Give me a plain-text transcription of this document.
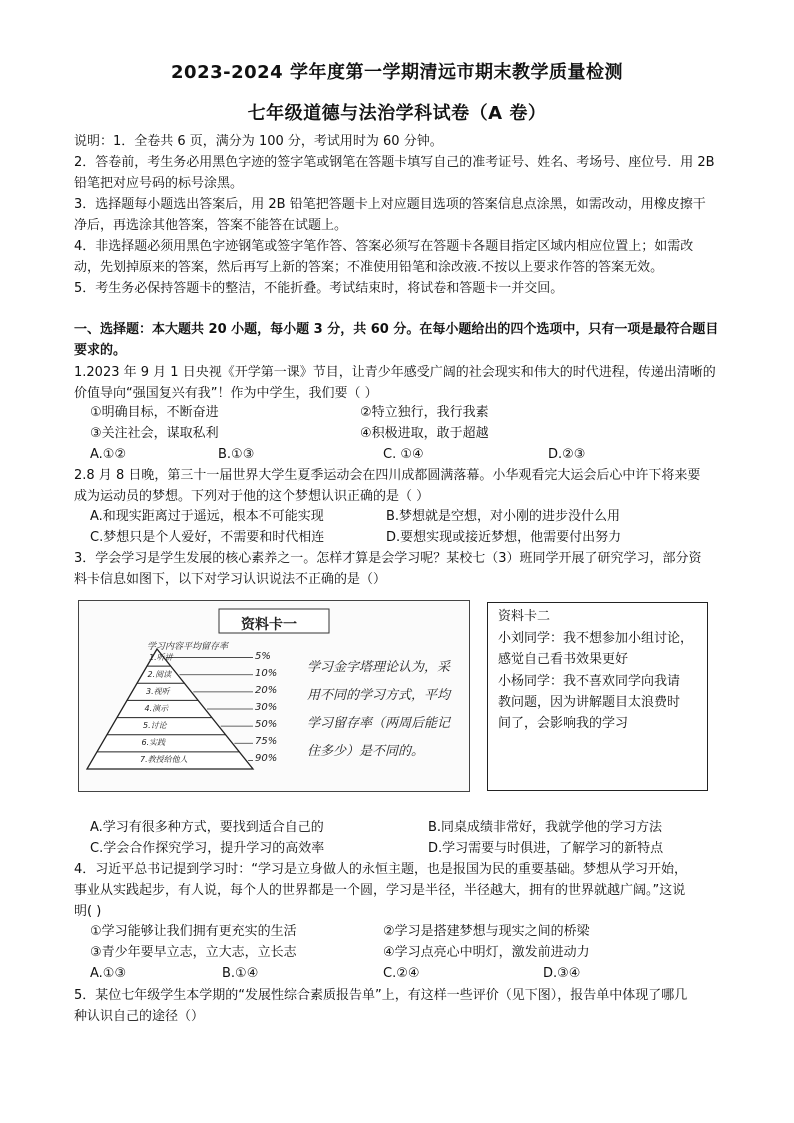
2023-2024 学年度第一学期清远市期末教学质量检测
七年级道德与法治学科试卷（A 卷）
说明：1．全卷共 6 页，满分为 100 分，考试用时为 60 分钟。
2．答卷前，考生务必用黑色字迹的签字笔或钢笔在答题卡填写自己的准考证号、姓名、考场号、座位号．用 2B
铅笔把对应号码的标号涂黑。
3．选择题每小题选出答案后，用 2B 铅笔把答题卡上对应题目选项的答案信息点涂黑，如需改动，用橡皮擦干
净后，再选涂其他答案，答案不能答在试题上。
4．非选择题必须用黑色字迹钢笔或签字笔作答、答案必须写在答题卡各题目指定区域内相应位置上；如需改
动，先划掉原来的答案，然后再写上新的答案；不准使用铅笔和涂改液.不按以上要求作答的答案无效。
5．考生务必保持答题卡的整洁，不能折叠。考试结束时，将试卷和答题卡一并交回。
一、选择题：本大题共 20 小题，每小题 3 分，共 60 分。在每小题给出的四个选项中，只有一项是最符合题目
要求的。
1.2023 年 9 月 1 日央视《开学第一课》节目，让青少年感受广阔的社会现实和伟大的时代进程，传递出清晰的
价值导向“强国复兴有我”！作为中学生，我们要（ ）
①明确目标，不断奋进	②特立独行，我行我素
③关注社会，谋取私利	④积极进取，敢于超越
A.①②	B.①③	C. ①④	D.②③
2.8 月 8 日晚，第三十一届世界大学生夏季运动会在四川成都圆满落幕。小华观看完大运会后心中许下将来要
成为运动员的梦想。下列对于他的这个梦想认识正确的是（ ）
A.和现实距离过于遥远，根本不可能实现	B.梦想就是空想，对小刚的进步没什么用
C.梦想只是个人爱好，不需要和时代相连	D.要想实现或接近梦想，他需要付出努力
3．学会学习是学生发展的核心素养之一。怎样才算是会学习呢？某校七（3）班同学开展了研究学习，部分资
料卡信息如图下，以下对学习认识说法不正确的是（）
资料卡一
学习内容平均留存率
1.听讲
2.阅读
3.视听
4.演示
5.讨论
6.实践
7.教授给他人
5%
10%
20%
30%
50%
75%
90%
学习金字塔理论认为，采
用不同的学习方式，平均
学习留存率（两周后能记
住多少）是不同的。
资料卡二
小刘同学：我不想参加小组讨论，
感觉自己看书效果更好
小杨同学：我不喜欢同学向我请
教问题，因为讲解题目太浪费时
间了，会影响我的学习
A.学习有很多种方式，要找到适合自己的	B.同桌成绩非常好，我就学他的学习方法
C.学会合作探究学习，提升学习的高效率	D.学习需要与时俱进，了解学习的新特点
4．习近平总书记提到学习时：“学习是立身做人的永恒主题，也是报国为民的重要基础。梦想从学习开始，
事业从实践起步，有人说，每个人的世界都是一个圆，学习是半径，半径越大，拥有的世界就越广阔。”这说
明( )
①学习能够让我们拥有更充实的生活	②学习是搭建梦想与现实之间的桥梁
③青少年要早立志，立大志，立长志	④学习点亮心中明灯，激发前进动力
A.①③	B.①④	C.②④	D.③④
5．某位七年级学生本学期的“发展性综合素质报告单”上，有这样一些评价（见下图），报告单中体现了哪几
种认识自己的途径（）
